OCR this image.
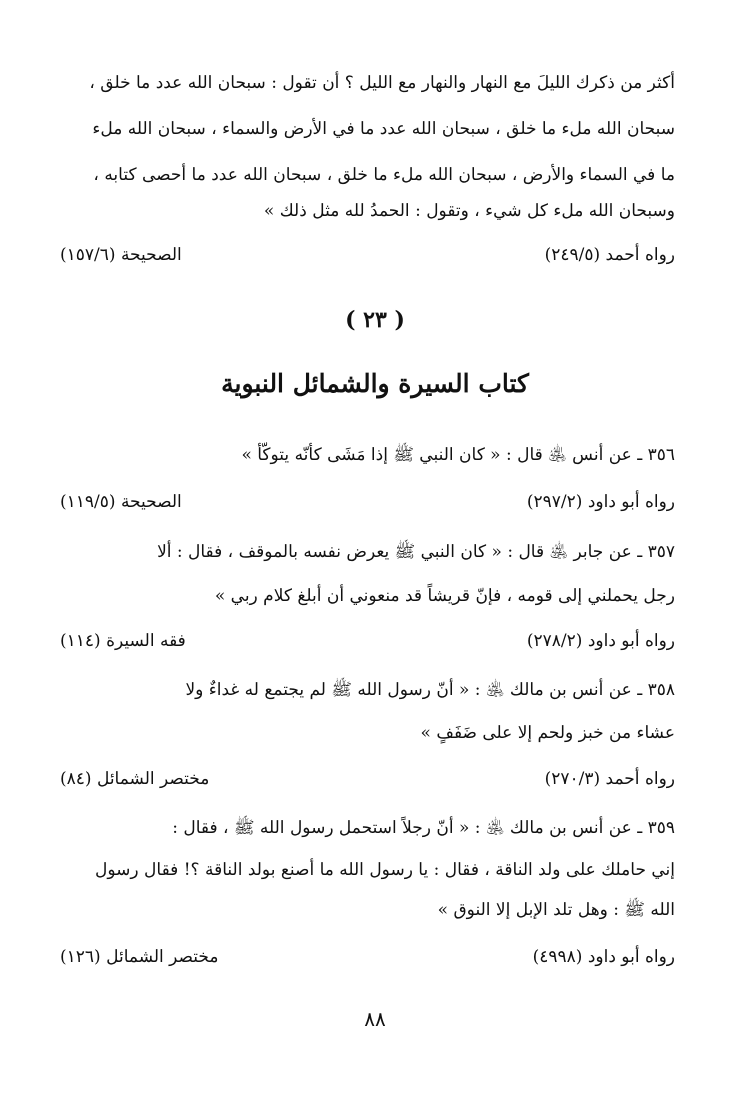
أكثر من ذكرك الليلَ مع النهار والنهار مع الليل ؟ أن تقول : سبحان الله عدد ما خلق ،
سبحان الله ملء ما خلق ، سبحان الله عدد ما في الأرض والسماء ، سبحان الله ملء
ما في السماء والأرض ، سبحان الله ملء ما خلق ، سبحان الله عدد ما أحصى كتابه ،
وسبحان الله ملء كل شيء ، وتقول : الحمدُ لله مثل ذلك »
رواه أحمد (٢٤٩/٥)
الصحيحة (١٥٧/٦)
( ٢٣ )
كتاب السيرة والشمائل النبوية
٣٥٦ ـ عن أنس ﵁ قال : « كان النبي ﷺ إذا مَشَى كأنّه يتوكّأ »
رواه أبو داود (٢٩٧/٢)
الصحيحة (١١٩/٥)
٣٥٧ ـ عن جابر ﵁ قال : « كان النبي ﷺ يعرض نفسه بالموقف ، فقال : ألا
رجل يحملني إلى قومه ، فإنّ قريشاً قد منعوني أن أبلغ كلام ربي »
رواه أبو داود (٢٧٨/٢)
فقه السيرة (١١٤)
٣٥٨ ـ عن أنس بن مالك ﵁ : « أنّ رسول الله ﷺ لم يجتمع له غداءٌ ولا
عشاء من خبز ولحم إلا على ضَفَفٍ »
رواه أحمد (٢٧٠/٣)
مختصر الشمائل (٨٤)
٣٥٩ ـ عن أنس بن مالك ﵁ : « أنّ رجلاً استحمل رسول الله ﷺ ، فقال :
إني حاملك على ولد الناقة ، فقال : يا رسول الله ما أصنع بولد الناقة ؟! فقال رسول
الله ﷺ : وهل تلد الإبل إلا النوق »
رواه أبو داود (٤٩٩٨)
مختصر الشمائل (١٢٦)
٨٨
